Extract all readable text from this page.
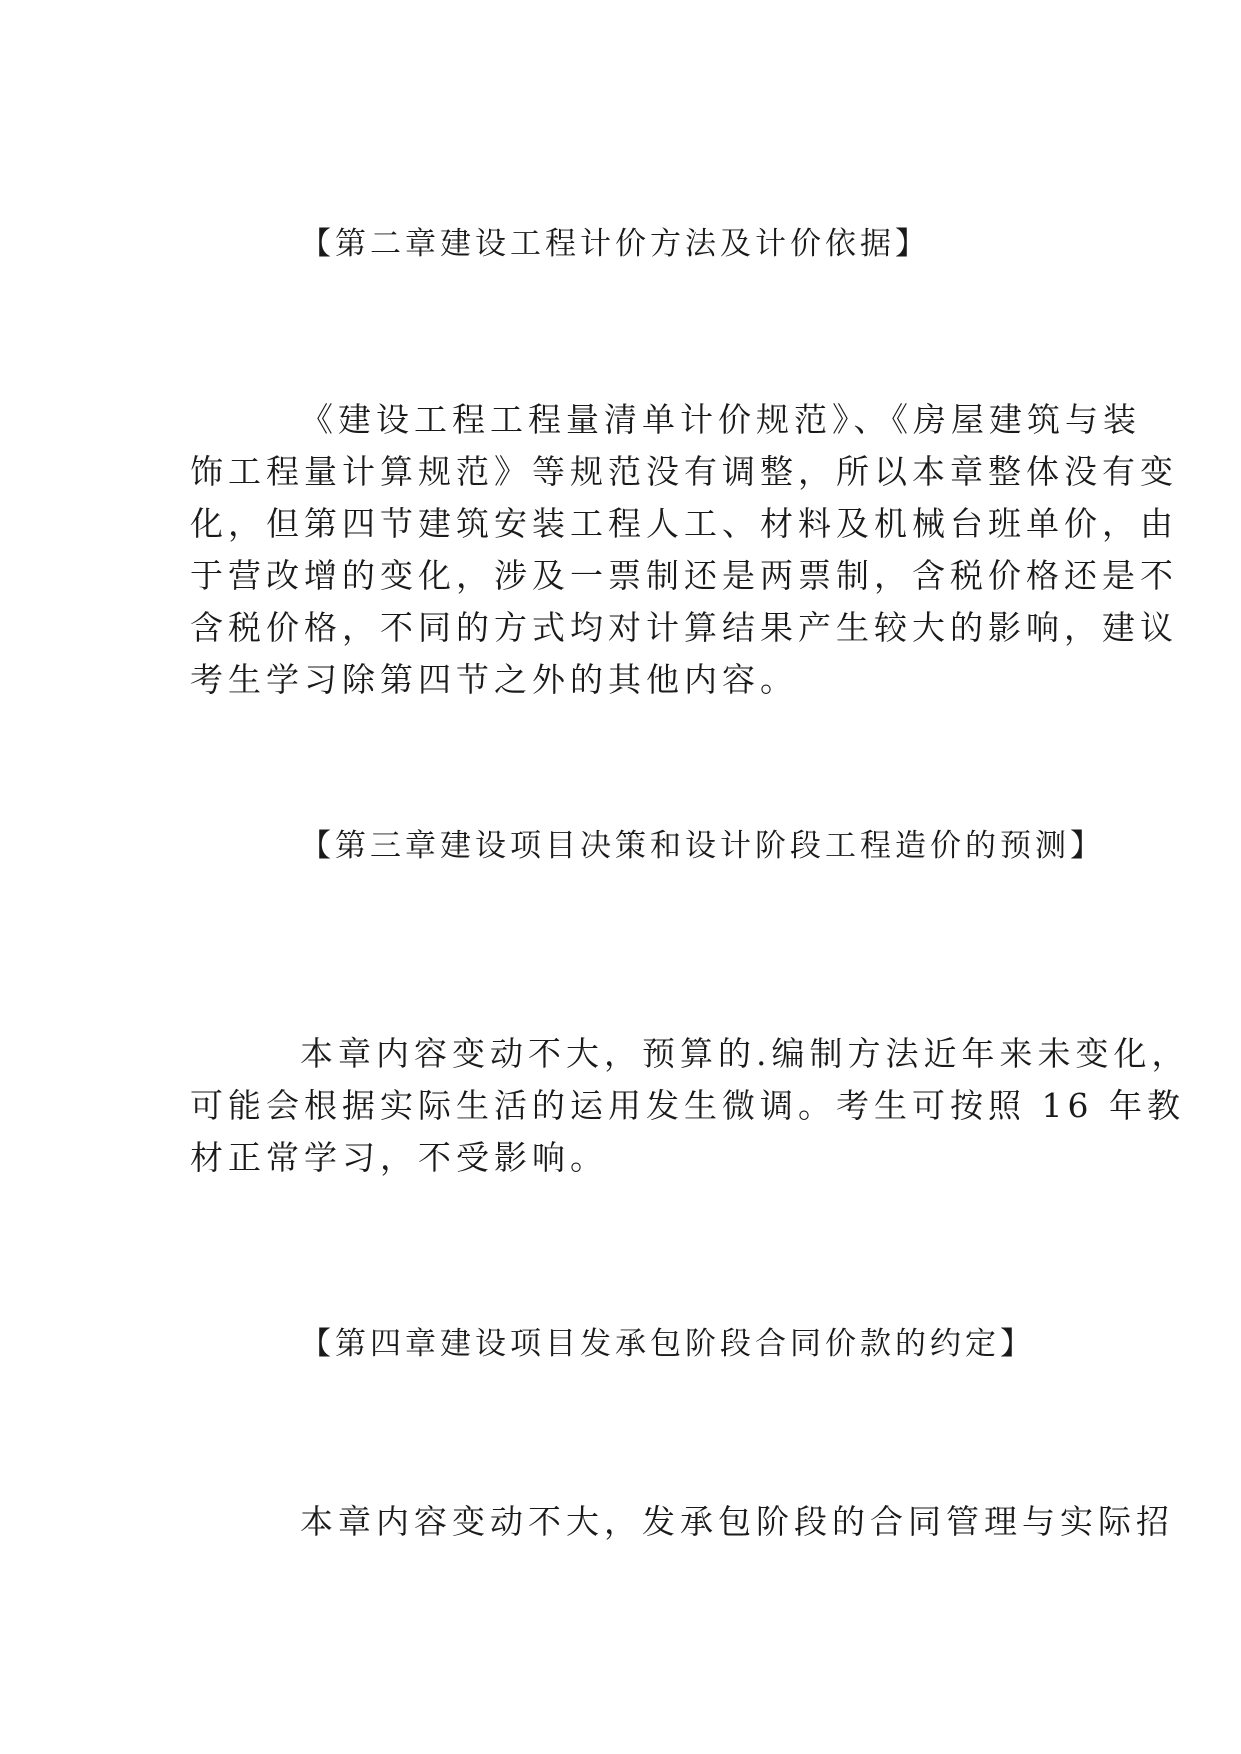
【第二章建设工程计价方法及计价依据】
《建设工程工程量清单计价规范》、《房屋建筑与装
饰工程量计算规范》等规范没有调整，所以本章整体没有变
化，但第四节建筑安装工程人工、材料及机械台班单价，由
于营改增的变化，涉及一票制还是两票制，含税价格还是不
含税价格，不同的方式均对计算结果产生较大的影响，建议
考生学习除第四节之外的其他内容。
【第三章建设项目决策和设计阶段工程造价的预测】
本章内容变动不大，预算的.编制方法近年来未变化，
可能会根据实际生活的运用发生微调。考生可按照 16 年教
材正常学习，不受影响。
【第四章建设项目发承包阶段合同价款的约定】
本章内容变动不大，发承包阶段的合同管理与实际招
